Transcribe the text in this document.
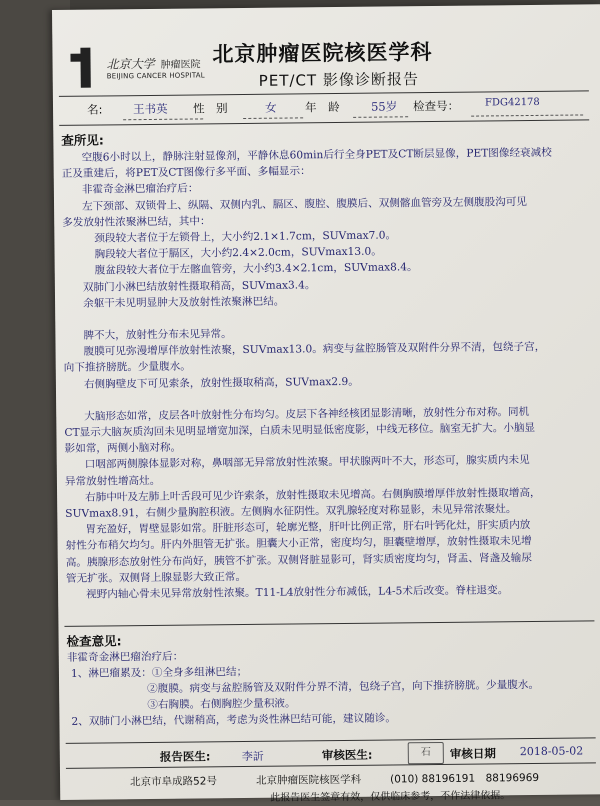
北京大学 肿瘤医院
BEIJING CANCER HOSPITAL
北京肿瘤医院核医学科
PET/CT 影像诊断报告
名:	王书英 性　别	女 年　龄	55岁 检查号：	FDG42178
查所见:

空腹6小时以上，静脉注射显像剂，平静休息60min后行全身PET及CT断层显像，PET图像经衰减校

正及重建后，将PET及CT图像行多平面、多幅显示：

非霍奇金淋巴瘤治疗后：

左下颈部、双锁骨上、纵隔、双侧内乳、膈区、腹腔、腹膜后、双侧髂血管旁及左侧腹股沟可见

多发放射性浓聚淋巴结，其中：

颈段较大者位于左锁骨上，大小约2.1×1.7cm，SUVmax7.0。

胸段较大者位于膈区，大小约2.4×2.0cm，SUVmax13.0。

腹盆段较大者位于左髂血管旁，大小约3.4×2.1cm，SUVmax8.4。

双肺门小淋巴结放射性摄取稍高，SUVmax3.4。

余躯干未见明显肿大及放射性浓聚淋巴结。

脾不大，放射性分布未见异常。

腹膜可见弥漫增厚伴放射性浓聚，SUVmax13.0。病变与盆腔肠管及双附件分界不清，包绕子宫，

向下推挤膀胱。少量腹水。

右侧胸壁皮下可见索条，放射性摄取稍高，SUVmax2.9。

大脑形态如常，皮层各叶放射性分布均匀。皮层下各神经核团显影清晰，放射性分布对称。同机

CT显示大脑灰质沟回未见明显增宽加深，白质未见明显低密度影，中线无移位。脑室无扩大。小脑显

影如常，两侧小脑对称。

口咽部两侧腺体显影对称，鼻咽部无异常放射性浓聚。甲状腺两叶不大，形态可，腺实质内未见

异常放射性增高灶。

右肺中叶及左肺上叶舌段可见少许索条，放射性摄取未见增高。右侧胸膜增厚伴放射性摄取增高，

SUVmax8.91，右侧少量胸腔积液。左侧胸水征阴性。双乳腺轻度对称显影，未见异常浓聚灶。

胃充盈好，胃壁显影如常。肝脏形态可，轮廓光整，肝叶比例正常，肝右叶钙化灶，肝实质内放

射性分布稍欠均匀。肝内外胆管无扩张。胆囊大小正常，密度均匀，胆囊壁增厚，放射性摄取未见增

高。胰腺形态放射性分布尚好，胰管不扩张。双侧肾脏显影可，肾实质密度均匀，肾盂、肾盏及输尿

管无扩张。双侧肾上腺显影大致正常。

视野内轴心骨未见异常放射性浓聚。T11-L4放射性分布减低，L4-5术后改变。脊柱退变。

检查意见:

非霍奇金淋巴瘤治疗后：

1、淋巴瘤累及：①全身多组淋巴结；

②腹膜。病变与盆腔肠管及双附件分界不清，包绕子宫，向下推挤膀胱。少量腹水。

③右胸膜。右侧胸腔少量积液。

2、双肺门小淋巴结，代谢稍高，考虑为炎性淋巴结可能，建议随诊。

报告医生:	李訢	审核医生:	石	审核日期 2018-05-02
北京市阜成路52号	北京肿瘤医院核医学科	(010) 88196191　88196969
此报告医生签章有效，仅供临床参考，不作法律依据。
